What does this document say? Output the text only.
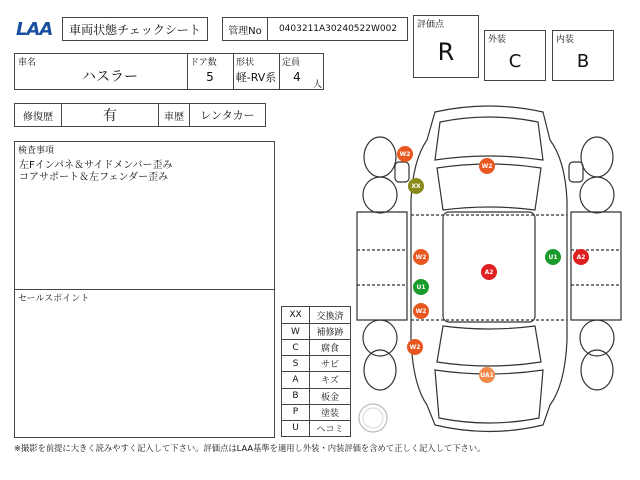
LAA	車両状態チェックシート	管理No	0403211A30240522W002	評価点
R	外装
C
内装
B
車名
ハスラー
ドア数
5
形状
軽-RV系
定員
4
人
修復歴	有	車歴	レンタカー
検査事項
左Fインパネ＆サイドメンバー歪み
コアサポート＆左フェンダー歪み
セールスポイント
XX	交換済
W	補修跡
C	腐食
S	サビ
A	キズ
B	板金
P	塗装
U	ヘコミ
W2
W2
XX
W2
A2
U1	A2
U1
W2
W2
UA1
※撮影を前提に大きく読みやすく記入して下さい。評価点はLAA基準を適用し外装・内装評価を含めて正しく記入して下さい。
